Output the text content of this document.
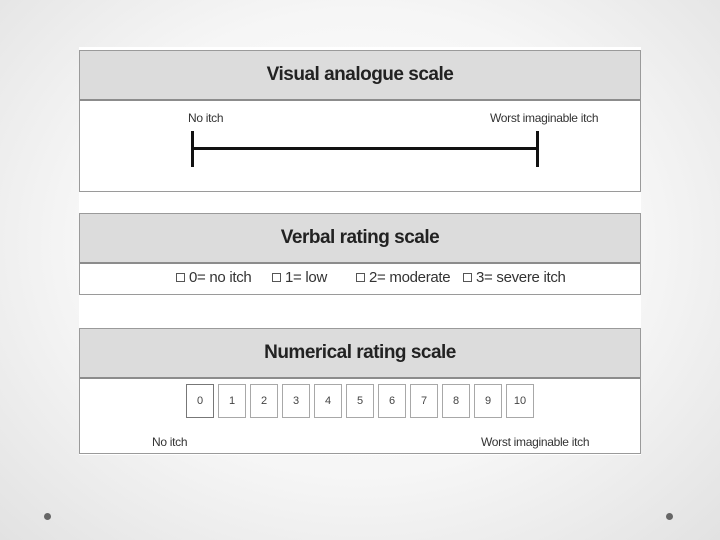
Visual analogue scale
No itch	Worst imaginable itch
Verbal rating scale
0= no itch 1= low	2= moderate 3= severe itch
Numerical rating scale
0	1	2	3	4	5	6	7	8	9	10
No itch	Worst imaginable itch
